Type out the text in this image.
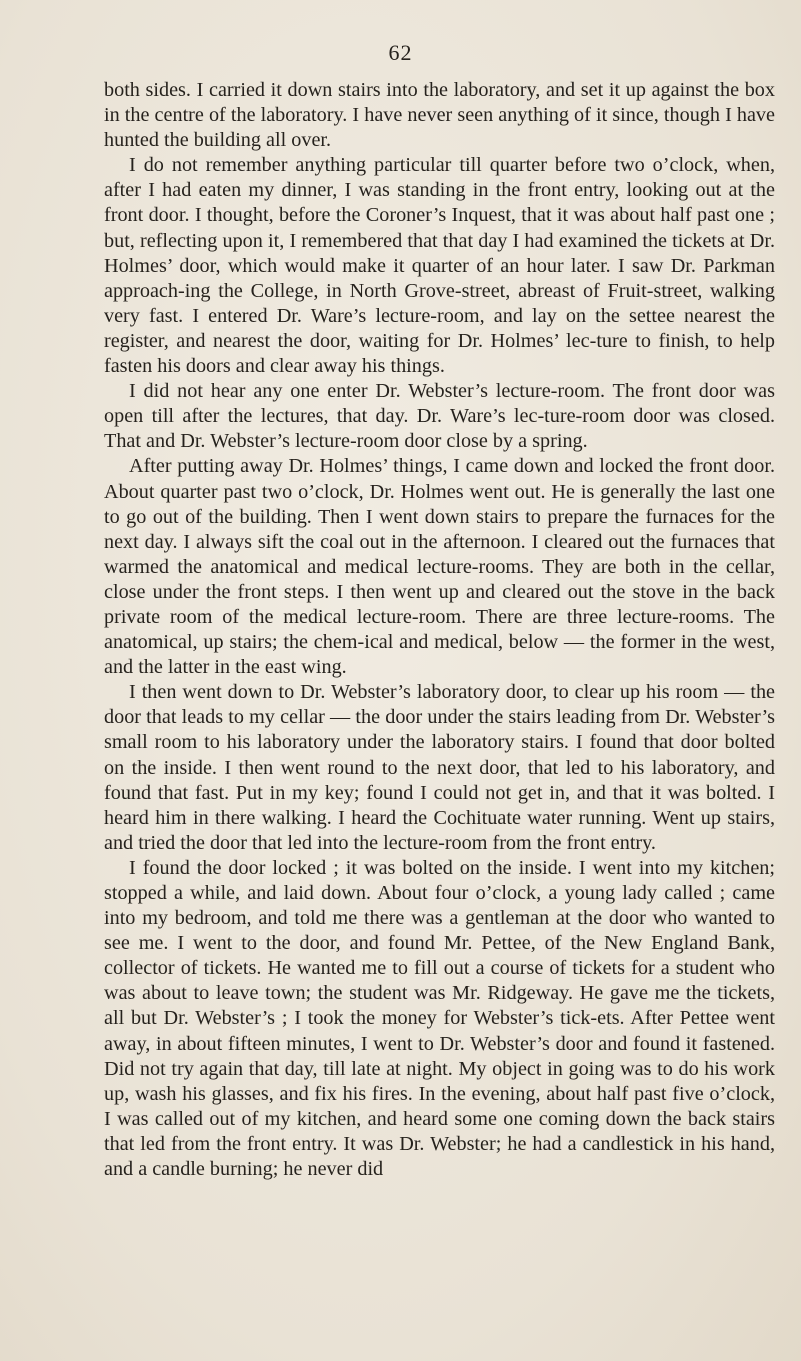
62

both sides. I carried it down stairs into the laboratory, and set it up against the box in the centre of the laboratory. I have never seen anything of it since, though I have hunted the building all over.

I do not remember anything particular till quarter before two o’clock, when, after I had eaten my dinner, I was standing in the front entry, looking out at the front door. I thought, before the Coroner’s Inquest, that it was about half past one ; but, reflecting upon it, I remembered that that day I had examined the tickets at Dr. Holmes’ door, which would make it quarter of an hour later. I saw Dr. Parkman approach-ing the College, in North Grove-street, abreast of Fruit-street, walking very fast. I entered Dr. Ware’s lecture-room, and lay on the settee nearest the register, and nearest the door, waiting for Dr. Holmes’ lec-ture to finish, to help fasten his doors and clear away his things.

I did not hear any one enter Dr. Webster’s lecture-room. The front door was open till after the lectures, that day. Dr. Ware’s lec-ture-room door was closed. That and Dr. Webster’s lecture-room door close by a spring.

After putting away Dr. Holmes’ things, I came down and locked the front door. About quarter past two o’clock, Dr. Holmes went out. He is generally the last one to go out of the building. Then I went down stairs to prepare the furnaces for the next day. I always sift the coal out in the afternoon. I cleared out the furnaces that warmed the anatomical and medical lecture-rooms. They are both in the cellar, close under the front steps. I then went up and cleared out the stove in the back private room of the medical lecture-room. There are three lecture-rooms. The anatomical, up stairs; the chem-ical and medical, below — the former in the west, and the latter in the east wing.

I then went down to Dr. Webster’s laboratory door, to clear up his room — the door that leads to my cellar — the door under the stairs leading from Dr. Webster’s small room to his laboratory under the laboratory stairs. I found that door bolted on the inside. I then went round to the next door, that led to his laboratory, and found that fast. Put in my key; found I could not get in, and that it was bolted. I heard him in there walking. I heard the Cochituate water running. Went up stairs, and tried the door that led into the lecture-room from the front entry.

I found the door locked ; it was bolted on the inside. I went into my kitchen; stopped a while, and laid down. About four o’clock, a young lady called ; came into my bedroom, and told me there was a gentleman at the door who wanted to see me. I went to the door, and found Mr. Pettee, of the New England Bank, collector of tickets. He wanted me to fill out a course of tickets for a student who was about to leave town; the student was Mr. Ridgeway. He gave me the tickets, all but Dr. Webster’s ; I took the money for Webster’s tick-ets. After Pettee went away, in about fifteen minutes, I went to Dr. Webster’s door and found it fastened. Did not try again that day, till late at night. My object in going was to do his work up, wash his glasses, and fix his fires. In the evening, about half past five o’clock, I was called out of my kitchen, and heard some one coming down the back stairs that led from the front entry. It was Dr. Webster; he had a candlestick in his hand, and a candle burning; he never did
